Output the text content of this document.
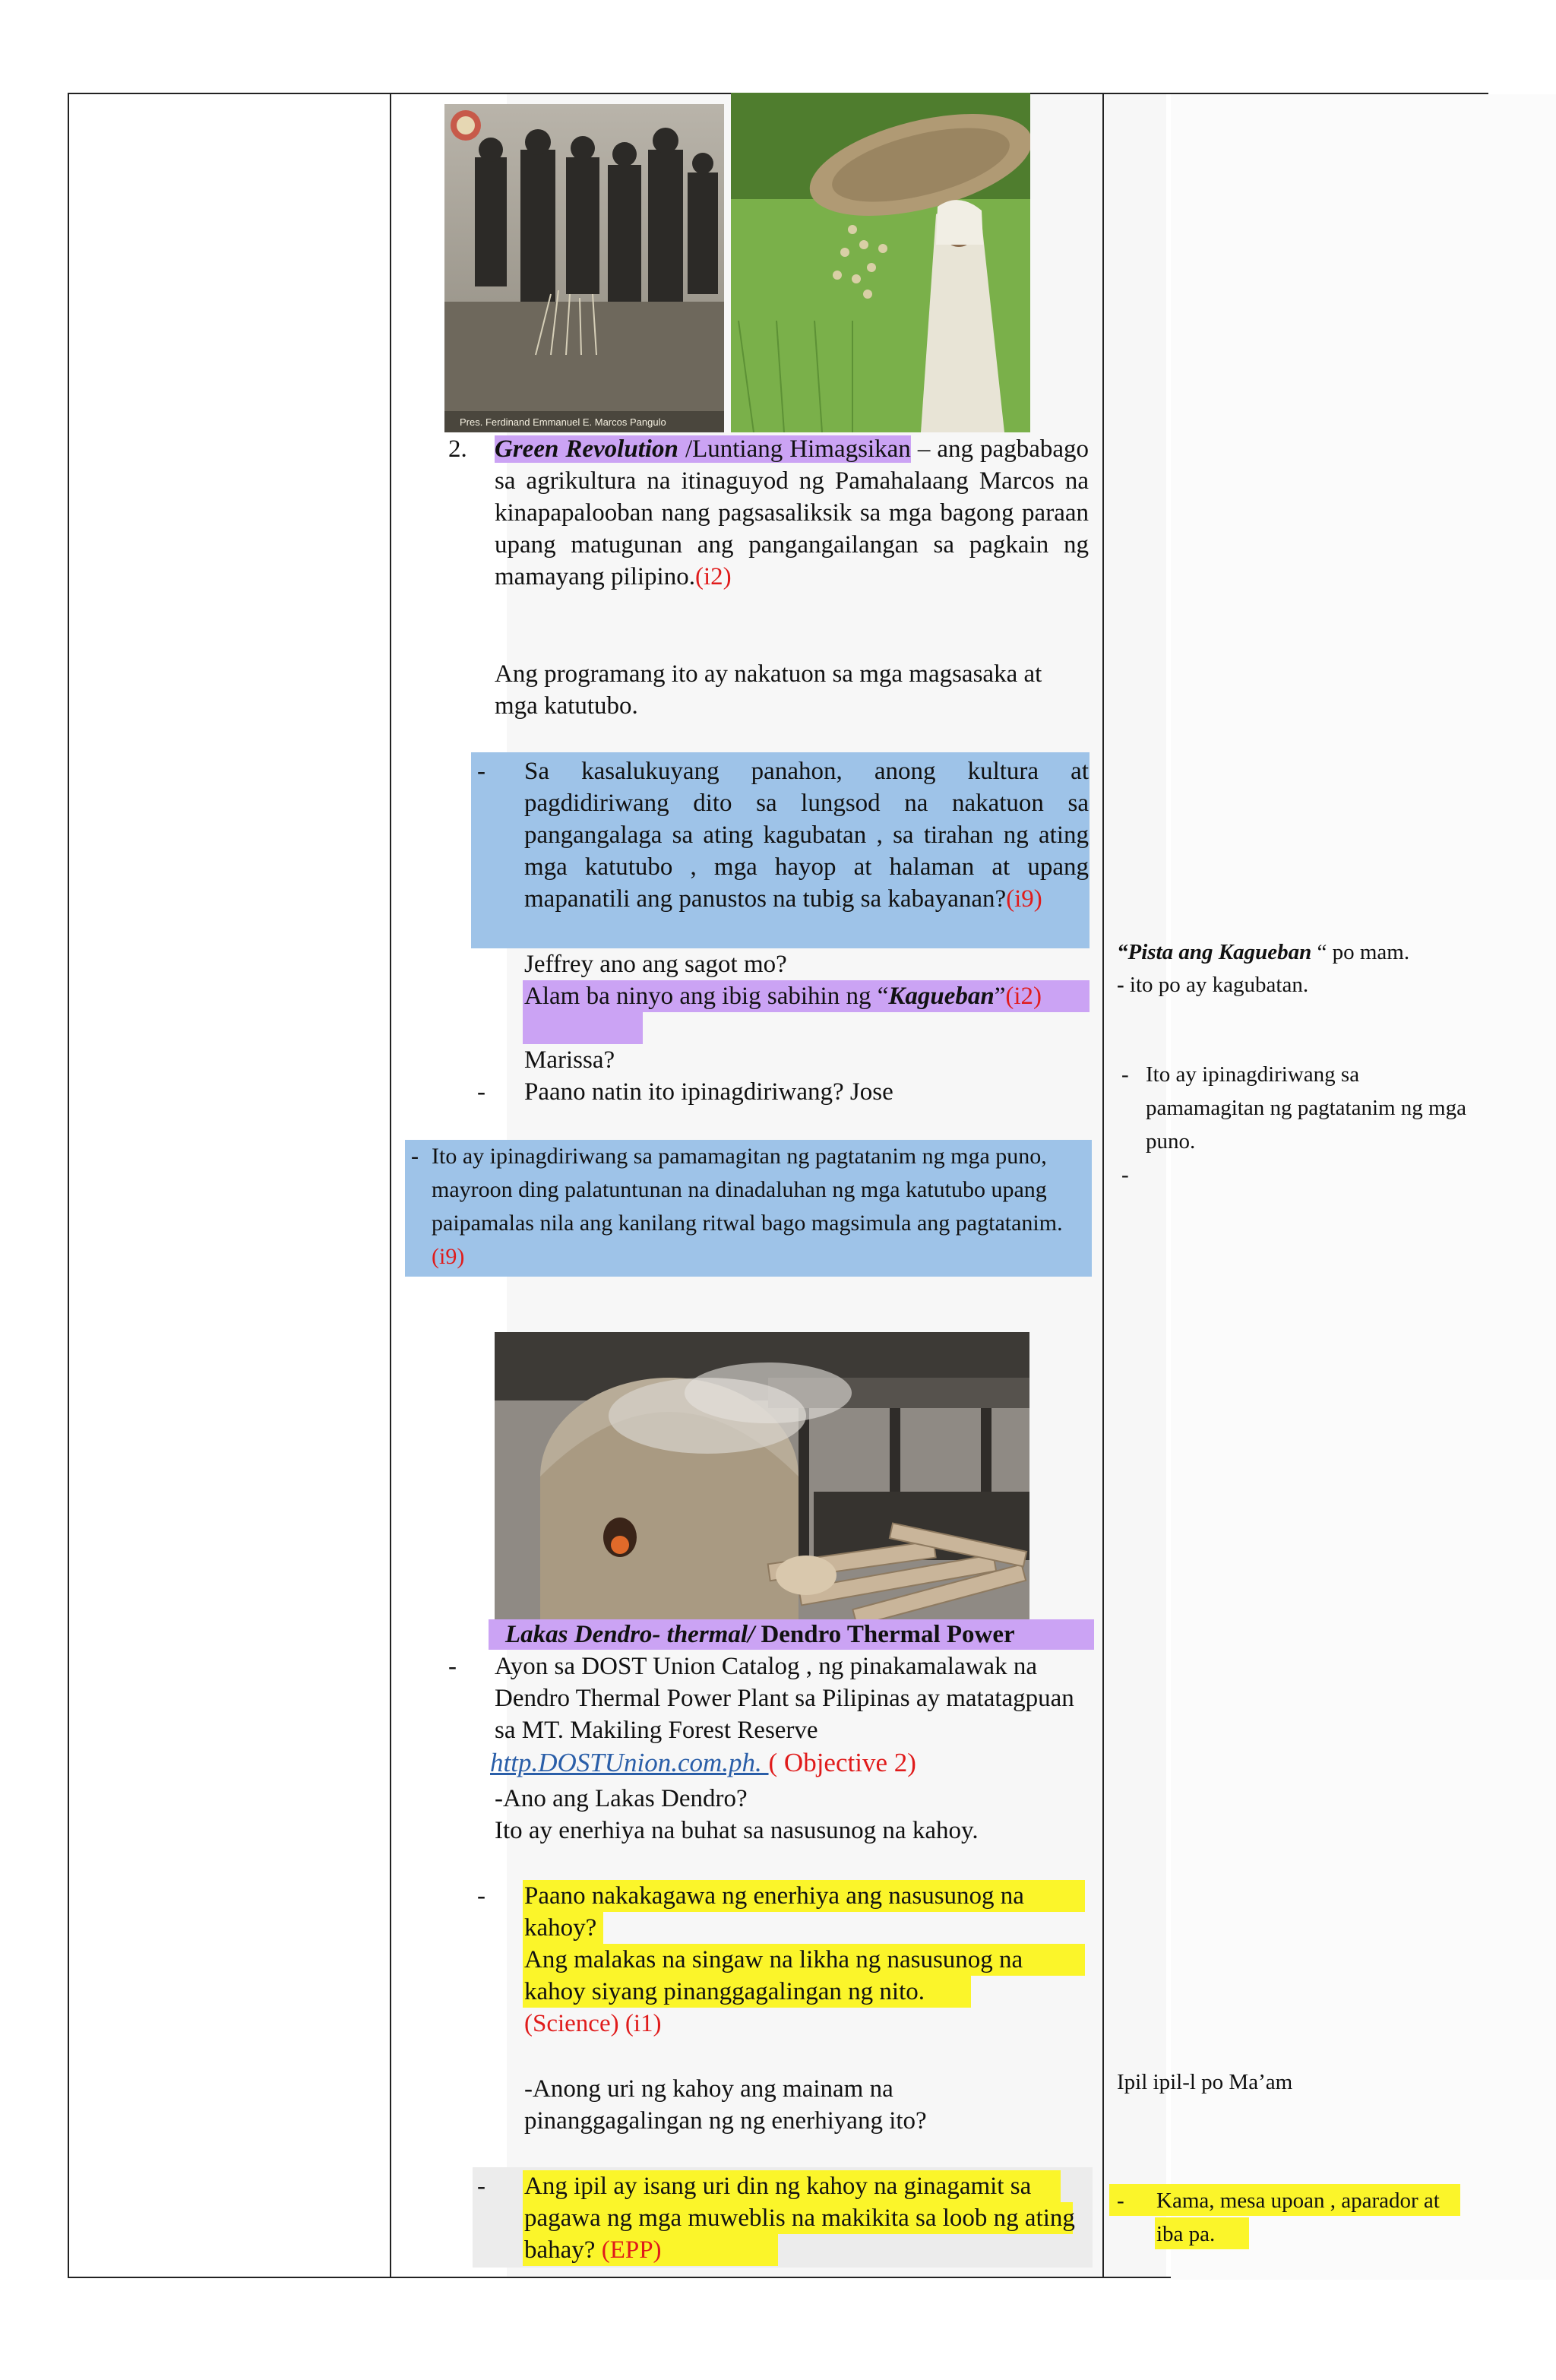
Pres. Ferdinand Emmanuel E. Marcos Pangulo
2.	Green Revolution /Luntiang Himagsikan – ang pagbabago sa agrikultura na itinaguyod ng Pamahalaang Marcos na kinapapalooban nang pagsasaliksik sa mga bagong paraan upang matugunan ang pangangailangan sa pagkain ng mamayang pilipino.(i2)
Ang programang ito ay nakatuon sa mga magsasaka at mga katutubo.
- Sa kasalukuyang panahon, anong kultura at pagdidiriwang dito sa lungsod na nakatuon sa pangangalaga sa ating kagubatan , sa tirahan ng ating mga katutubo , mga hayop at halaman at upang mapanatili ang panustos na tubig sa kabayanan?(i9)
Jeffrey ano ang sagot mo?
Alam ba ninyo ang ibig sabihin ng “Kagueban”(i2)
Marissa?
- Paano natin ito ipinagdiriwang? Jose
- Ito ay ipinagdiriwang sa pamamagitan ng pagtatanim ng mga puno, mayroon ding palatuntunan na dinadaluhan ng mga katutubo upang paipamalas nila ang kanilang ritwal bago magsimula ang pagtatanim. (i9)
Lakas Dendro- thermal/ Dendro Thermal Power
- Ayon sa DOST Union Catalog , ng pinakamalawak na Dendro Thermal Power Plant sa Pilipinas ay matatagpuan sa MT. Makiling Forest Reserve
http.DOSTUnion.com.ph. ( Objective 2)
-Ano ang Lakas Dendro?
Ito ay enerhiya na buhat sa nasusunog na kahoy.
- Paano nakakagawa ng enerhiya ang nasusunog na kahoy?
Ang malakas na singaw na likha ng nasusunog na kahoy siyang pinanggagalingan ng nito.
(Science) (i1)
-Anong uri ng kahoy ang mainam na pinanggagalingan ng ng enerhiyang ito?
- Ang ipil ay isang uri din ng kahoy na ginagamit sa pagawa ng mga muweblis na makikita sa loob ng ating bahay? (EPP)
“Pista ang Kagueban “ po mam.
- ito po ay kagubatan.
- Ito ay ipinagdiriwang sa pamamagitan ng pagtatanim ng mga puno.
-
Ipil ipil-l po Ma’am
- Kama, mesa upoan , aparador at iba pa.
